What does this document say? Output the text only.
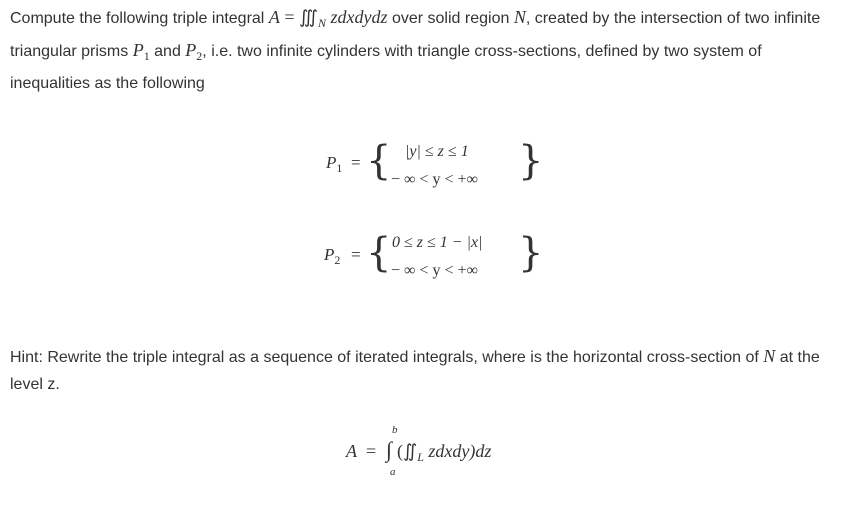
Compute the following triple integral $A = ∭_N$ zdxdydz over solid region N, created by the intersection of two infinite triangular prisms $P_1$ and $P_2$, i.e. two infinite cylinders with triangle cross-sections, defined by two system of inequalities as the following
$P_1$ = { |y| ≤ z ≤ 1
− ∞ < y < +∞ }
$P_2$ = { 0 ≤ z ≤ 1 − |x|
− ∞ < y < +∞ }
Hint: Rewrite the triple integral as a sequence of iterated integrals, where is the horizontal cross-section of N at the level z.
A =
b
∫
a
($∬_L$ zdxdy)dz
